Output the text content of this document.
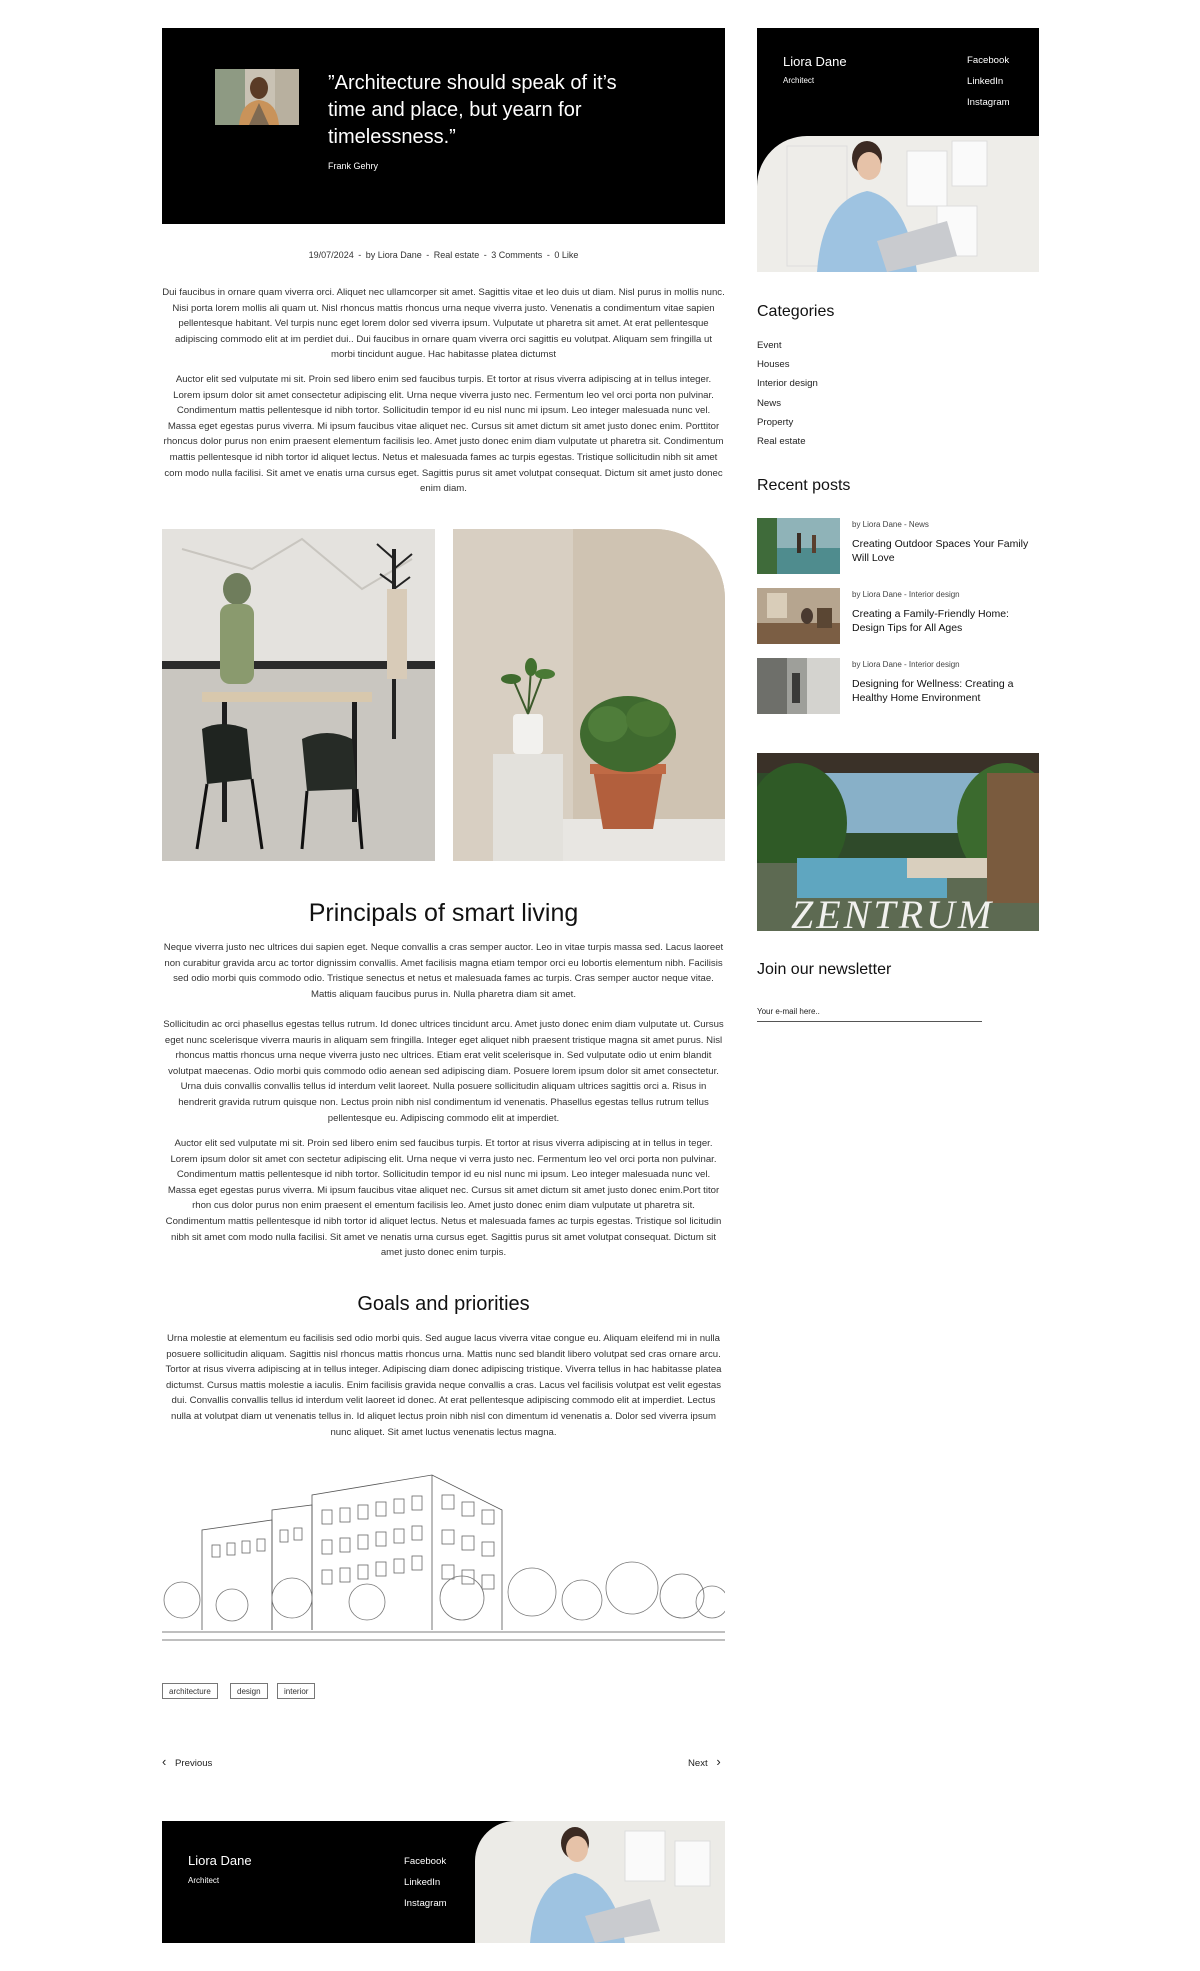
”Architecture should speak of it’s time and place, but yearn for timelessness.”

Frank Gehry

19/07/2024 - by Liora Dane - Real estate - 3 Comments - 0 Like

Dui faucibus in ornare quam viverra orci. Aliquet nec ullamcorper sit amet. Sagittis vitae et leo duis ut diam. Nisl purus in mollis nunc. Nisi porta lorem mollis ali quam ut. Nisl rhoncus mattis rhoncus urna neque viverra justo. Venenatis a condimentum vitae sapien pellentesque habitant. Vel turpis nunc eget lorem dolor sed viverra ipsum. Vulputate ut pharetra sit amet. At erat pellentesque adipiscing commodo elit at im perdiet dui.. Dui faucibus in ornare quam viverra orci sagittis eu volutpat. Aliquam sem fringilla ut morbi tincidunt augue. Hac habitasse platea dictumst

Auctor elit sed vulputate mi sit. Proin sed libero enim sed faucibus turpis. Et tortor at risus viverra adipiscing at in tellus integer. Lorem ipsum dolor sit amet consectetur adipiscing elit. Urna neque viverra justo nec. Fermentum leo vel orci porta non pulvinar. Condimentum mattis pellentesque id nibh tortor. Sollicitudin tempor id eu nisl nunc mi ipsum. Leo integer malesuada nunc vel. Massa eget egestas purus viverra. Mi ipsum faucibus vitae aliquet nec. Cursus sit amet dictum sit amet justo donec enim. Porttitor rhoncus dolor purus non enim praesent elementum facilisis leo. Amet justo donec enim diam vulputate ut pharetra sit. Condimentum mattis pellentesque id nibh tortor id aliquet lectus. Netus et malesuada fames ac turpis egestas. Tristique sollicitudin nibh sit amet com modo nulla facilisi. Sit amet ve enatis urna cursus eget. Sagittis purus sit amet volutpat consequat. Dictum sit amet justo donec enim diam.

Principals of smart living

Neque viverra justo nec ultrices dui sapien eget. Neque convallis a cras semper auctor. Leo in vitae turpis massa sed. Lacus laoreet non curabitur gravida arcu ac tortor dignissim convallis. Amet facilisis magna etiam tempor orci eu lobortis elementum nibh. Facilisis sed odio morbi quis commodo odio. Tristique senectus et netus et malesuada fames ac turpis. Cras semper auctor neque vitae. Mattis aliquam faucibus purus in. Nulla pharetra diam sit amet.

Sollicitudin ac orci phasellus egestas tellus rutrum. Id donec ultrices tincidunt arcu. Amet justo donec enim diam vulputate ut. Cursus eget nunc scelerisque viverra mauris in aliquam sem fringilla. Integer eget aliquet nibh praesent tristique magna sit amet purus. Nisl rhoncus mattis rhoncus urna neque viverra justo nec ultrices. Etiam erat velit scelerisque in. Sed vulputate odio ut enim blandit volutpat maecenas. Odio morbi quis commodo odio aenean sed adipiscing diam. Posuere lorem ipsum dolor sit amet consectetur. Urna duis convallis convallis tellus id interdum velit laoreet. Nulla posuere sollicitudin aliquam ultrices sagittis orci a. Risus in hendrerit gravida rutrum quisque non. Lectus proin nibh nisl condimentum id venenatis. Phasellus egestas tellus rutrum tellus pellentesque eu. Adipiscing commodo elit at imperdiet.

Auctor elit sed vulputate mi sit. Proin sed libero enim sed faucibus turpis. Et tortor at risus viverra adipiscing at in tellus in teger. Lorem ipsum dolor sit amet con sectetur adipiscing elit. Urna neque vi verra justo nec. Fermentum leo vel orci porta non pulvinar. Condimentum mattis pellentesque id nibh tortor. Sollicitudin tempor id eu nisl nunc mi ipsum. Leo integer malesuada nunc vel. Massa eget egestas purus viverra. Mi ipsum faucibus vitae aliquet nec. Cursus sit amet dictum sit amet justo donec enim.Port titor rhon cus dolor purus non enim praesent el ementum facilisis leo. Amet justo donec enim diam vulputate ut pharetra sit. Condimentum mattis pellentesque id nibh tortor id aliquet lectus. Netus et malesuada fames ac turpis egestas. Tristique sol licitudin nibh sit amet com modo nulla facilisi. Sit amet ve nenatis urna cursus eget. Sagittis purus sit amet volutpat consequat. Dictum sit amet justo donec enim turpis.

Goals and priorities

Urna molestie at elementum eu facilisis sed odio morbi quis. Sed augue lacus viverra vitae congue eu. Aliquam eleifend mi in nulla posuere sollicitudin aliquam. Sagittis nisl rhoncus mattis rhoncus urna. Mattis nunc sed blandit libero volutpat sed cras ornare arcu. Tortor at risus viverra adipiscing at in tellus integer. Adipiscing diam donec adipiscing tristique. Viverra tellus in hac habitasse platea dictumst. Cursus mattis molestie a iaculis. Enim facilisis gravida neque convallis a cras. Lacus vel facilisis volutpat est velit egestas dui. Convallis convallis tellus id interdum velit laoreet id donec. At erat pellentesque adipiscing commodo elit at imperdiet. Lectus nulla at volutpat diam ut venenatis tellus in. Id aliquet lectus proin nibh nisl con dimentum id venenatis a. Dolor sed viverra ipsum nunc aliquet. Sit amet luctus venenatis lectus magna.

architecture	design	interior
‹ Previous	Next ›
Liora Dane
Architect
Facebook
LinkedIn
Instagram
Liora Dane
Architect
Facebook
LinkedIn
Instagram
Categories
Event
Houses
Interior design
News
Property
Real estate
Recent posts
by Liora Dane - News
Creating Outdoor Spaces Your Family Will Love
by Liora Dane - Interior design
Creating a Family-Friendly Home: Design Tips for All Ages
by Liora Dane - Interior design
Designing for Wellness: Creating a Healthy Home Environment
ZENTRUM
Join our newsletter
Your e-mail here..
